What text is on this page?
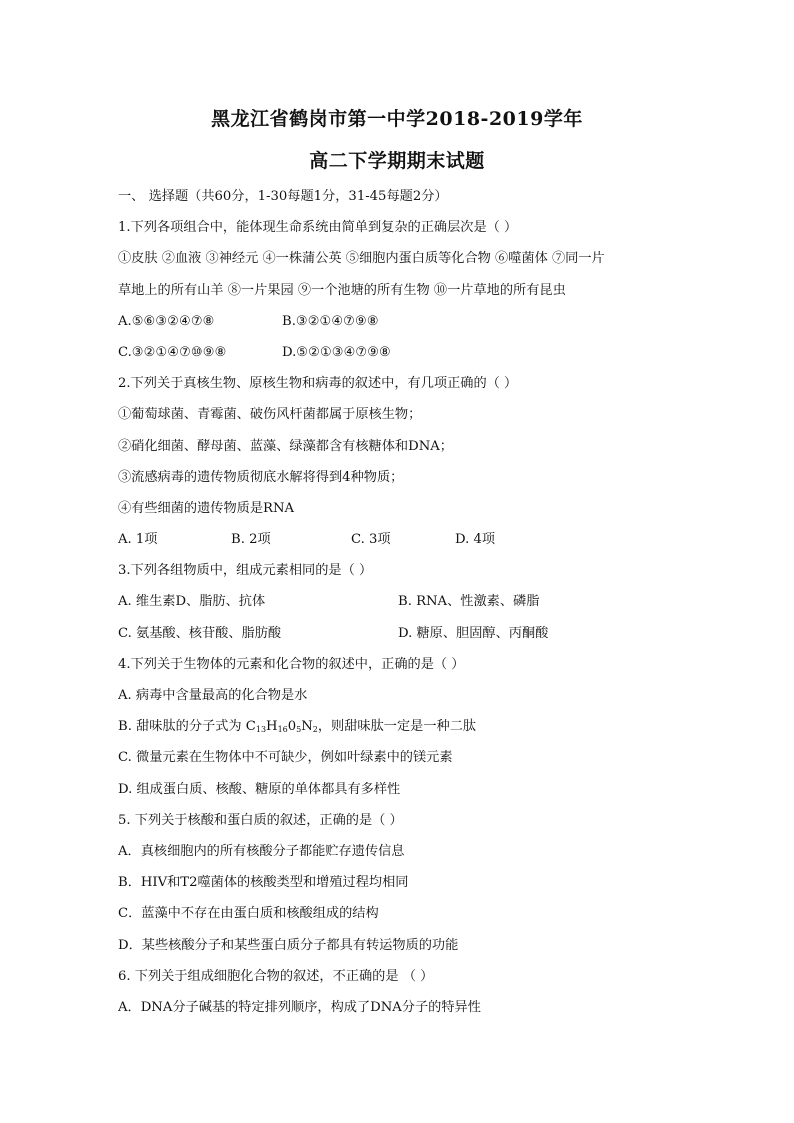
黑龙江省鹤岗市第一中学2018-2019学年
高二下学期期末试题
一、 选择题（共60分，1-30每题1分，31-45每题2分）
1.下列各项组合中，能体现生命系统由简单到复杂的正确层次是（ ）
①皮肤 ②血液 ③神经元 ④一株蒲公英 ⑤细胞内蛋白质等化合物 ⑥噬菌体 ⑦同一片
草地上的所有山羊 ⑧一片果园 ⑨一个池塘的所有生物 ⑩一片草地的所有昆虫
A.⑤⑥③②④⑦⑧	B.③②①④⑦⑨⑧
C.③②①④⑦⑩⑨⑧	D.⑤②①③④⑦⑨⑧
2.下列关于真核生物、原核生物和病毒的叙述中，有几项正确的（ ）
①葡萄球菌、青霉菌、破伤风杆菌都属于原核生物；
②硝化细菌、酵母菌、蓝藻、绿藻都含有核糖体和DNA；
③流感病毒的遗传物质彻底水解将得到4种物质；
④有些细菌的遗传物质是RNA
A. 1项	B. 2项	C. 3项	D. 4项
3.下列各组物质中，组成元素相同的是（ ）
A. 维生素D、脂肪、抗体	B. RNA、性激素、磷脂
C. 氨基酸、核苷酸、脂肪酸	D. 糖原、胆固醇、丙酮酸
4.下列关于生物体的元素和化合物的叙述中，正确的是（ ）
A. 病毒中含量最高的化合物是水
B. 甜味肽的分子式为 $C_{13}H_{16}0_5N_2$，则甜味肽一定是一种二肽
C. 微量元素在生物体中不可缺少，例如叶绿素中的镁元素
D. 组成蛋白质、核酸、糖原的单体都具有多样性
5. 下列关于核酸和蛋白质的叙述，正确的是（ ）
A．真核细胞内的所有核酸分子都能贮存遗传信息
B．HIV和T2噬菌体的核酸类型和增殖过程均相同
C．蓝藻中不存在由蛋白质和核酸组成的结构
D．某些核酸分子和某些蛋白质分子都具有转运物质的功能
6. 下列关于组成细胞化合物的叙述，不正确的是 （ ）
A．DNA分子碱基的特定排列顺序，构成了DNA分子的特异性
